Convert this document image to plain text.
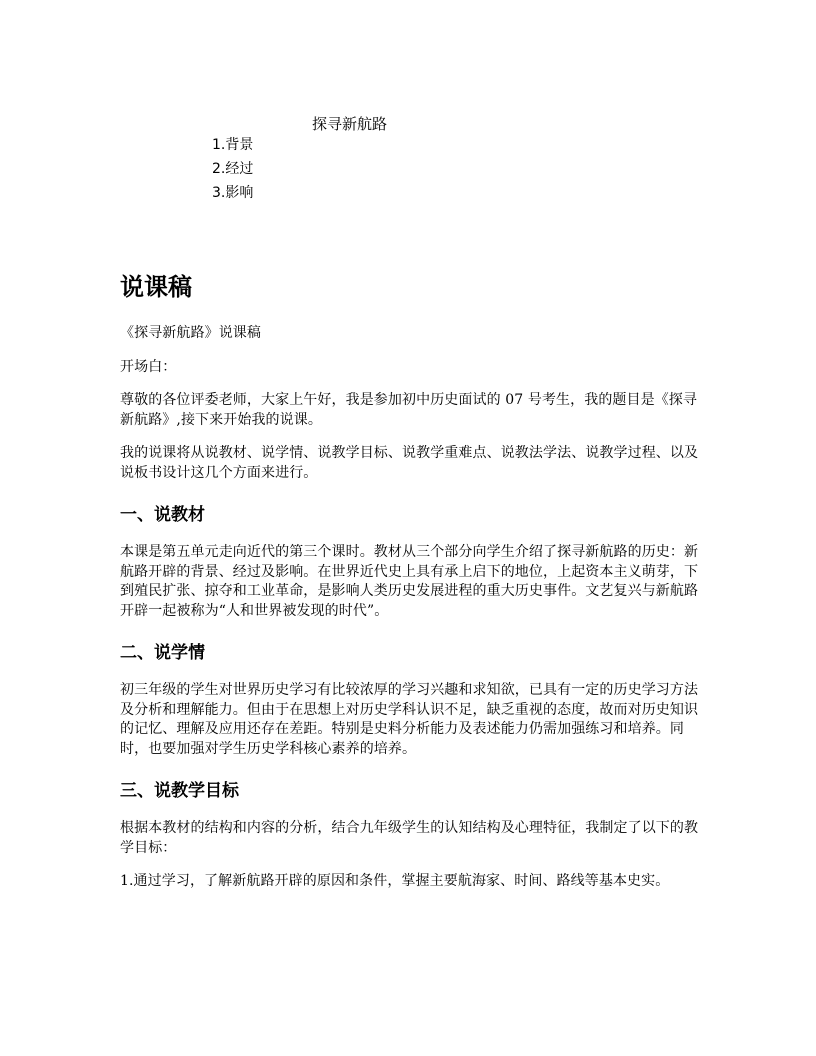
探寻新航路
1.背景
2.经过
3.影响
说课稿

《探寻新航路》说课稿

开场白：

尊敬的各位评委老师，大家上午好，我是参加初中历史面试的 07 号考生，我的题目是《探寻新航路》,接下来开始我的说课。

我的说课将从说教材、说学情、说教学目标、说教学重难点、说教法学法、说教学过程、以及说板书设计这几个方面来进行。

一、说教材

本课是第五单元走向近代的第三个课时。教材从三个部分向学生介绍了探寻新航路的历史：新航路开辟的背景、经过及影响。在世界近代史上具有承上启下的地位，上起资本主义萌芽，下到殖民扩张、掠夺和工业革命，是影响人类历史发展进程的重大历史事件。文艺复兴与新航路开辟一起被称为“人和世界被发现的时代”。

二、说学情

初三年级的学生对世界历史学习有比较浓厚的学习兴趣和求知欲，已具有一定的历史学习方法及分析和理解能力。但由于在思想上对历史学科认识不足，缺乏重视的态度，故而对历史知识的记忆、理解及应用还存在差距。特别是史料分析能力及表述能力仍需加强练习和培养。同时，也要加强对学生历史学科核心素养的培养。

三、说教学目标

根据本教材的结构和内容的分析，结合九年级学生的认知结构及心理特征，我制定了以下的教学目标：

1.通过学习，了解新航路开辟的原因和条件，掌握主要航海家、时间、路线等基本史实。
